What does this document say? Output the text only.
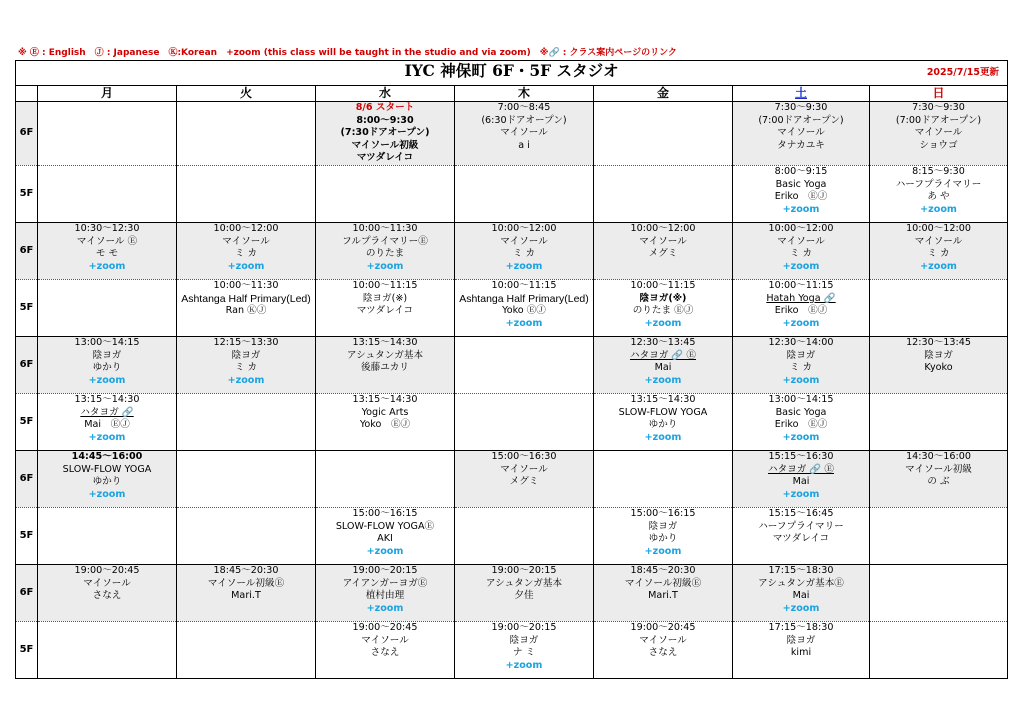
※ Ⓔ : English　Ⓙ : Japanese　Ⓚ:Korean　+zoom (this class will be taught in the studio and via zoom)　※🔗 : クラス案内ページのリンク
IYC 神保町 6F・5F スタジオ 2025/7/15更新							

	月	火	水	木	金	土	日
6F			8/6 スタート
8:00～9:30
(7:30ドアオープン)
マイソール初級
マツダレイコ	7:00～8:45
(6:30ドアオープン)
マイソール
a i		7:30～9:30
(7:00ドアオープン)
マイソール
タナカユキ	7:30～9:30
(7:00ドアオープン)
マイソール
ショウゴ

5F						8:00～9:15
Basic Yoga
Eriko　ⒺⒿ
+zoom	8:15～9:30
ハーフプライマリー
あ や
+zoom

6F	10:30～12:30
マイソール Ⓔ
モ モ
+zoom	10:00～12:00
マイソール
ミ カ
+zoom	10:00～11:30
フルプライマリーⒺ
のりたま
+zoom	10:00～12:00
マイソール
ミ カ
+zoom	10:00～12:00
マイソール
メグミ	10:00～12:00
マイソール
ミ カ
+zoom	10:00～12:00
マイソール
ミ カ
+zoom

5F		10:00～11:30
Ashtanga Half Primary(Led)
Ran ⓀⒿ	10:00～11:15
陰ヨガ(※)
マツダレイコ	10:00～11:15
Ashtanga Half Primary(Led)
Yoko ⒺⒿ
+zoom	10:00～11:15
陰ヨガ(※)
のりたま ⒺⒿ
+zoom	10:00～11:15
Hatah Yoga 🔗
Eriko　ⒺⒿ
+zoom	

6F	13:00～14:15
陰ヨガ
ゆかり
+zoom	12:15～13:30
陰ヨガ
ミ カ
+zoom	13:15～14:30
アシュタンガ基本
後藤ユカリ		12:30～13:45
ハタヨガ 🔗 Ⓔ
Mai
+zoom	12:30～14:00
陰ヨガ
ミ カ
+zoom	12:30～13:45
陰ヨガ
Kyoko

5F	13:15～14:30
ハタヨガ 🔗
Mai　ⒺⒿ
+zoom		13:15～14:30
Yogic Arts
Yoko　ⒺⒿ		13:15～14:30
SLOW-FLOW YOGA
ゆかり
+zoom	13:00～14:15
Basic Yoga
Eriko　ⒺⒿ
+zoom	

6F	14:45～16:00
SLOW-FLOW YOGA
ゆかり
+zoom			15:00～16:30
マイソール
メグミ		15:15～16:30
ハタヨガ 🔗 Ⓔ
Mai
+zoom	14:30～16:00
マイソール初級
の ぶ

5F			15:00～16:15
SLOW-FLOW YOGAⒺ
AKI
+zoom		15:00～16:15
陰ヨガ
ゆかり
+zoom	15:15～16:45
ハーフプライマリー
マツダレイコ	

6F	19:00～20:45
マイソール
さなえ	18:45～20:30
マイソール初級Ⓔ
Mari.T	19:00～20:15
アイアンガーヨガⒺ
植村由理
+zoom	19:00～20:15
アシュタンガ基本
夕佳	18:45～20:30
マイソール初級Ⓔ
Mari.T	17:15～18:30
アシュタンガ基本Ⓔ
Mai
+zoom	

5F			19:00～20:45
マイソール
さなえ	19:00～20:15
陰ヨガ
ナ ミ
+zoom	19:00～20:45
マイソール
さなえ	17:15～18:30
陰ヨガ
kimi	
